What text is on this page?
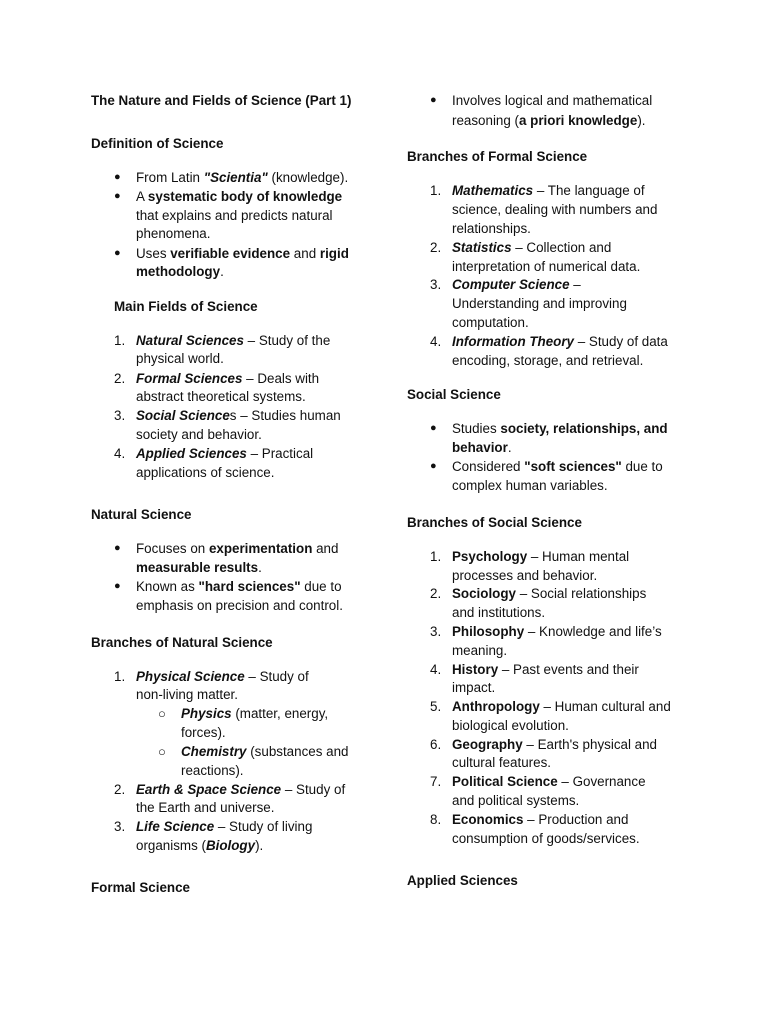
The Nature and Fields of Science (Part 1)
Definition of Science
● From Latin "Scientia" (knowledge).
● A systematic body of knowledge
that explains and predicts natural
phenomena.
● Uses verifiable evidence and rigid
methodology.
Main Fields of Science
1. Natural Sciences – Study of the
physical world.
2. Formal Sciences – Deals with
abstract theoretical systems.
3. Social Sciences – Studies human
society and behavior.
4. Applied Sciences – Practical
applications of science.
Natural Science
● Focuses on experimentation and
measurable results.
● Known as "hard sciences" due to
emphasis on precision and control.
Branches of Natural Science
1. Physical Science – Study of
non-living matter.
○ Physics (matter, energy,
forces).
○ Chemistry (substances and
reactions).
2. Earth & Space Science – Study of
the Earth and universe.
3. Life Science – Study of living
organisms (Biology).
Formal Science
● Involves logical and mathematical
reasoning (a priori knowledge).
Branches of Formal Science
1. Mathematics – The language of
science, dealing with numbers and
relationships.
2. Statistics – Collection and
interpretation of numerical data.
3. Computer Science –
Understanding and improving
computation.
4. Information Theory – Study of data
encoding, storage, and retrieval.
Social Science
● Studies society, relationships, and
behavior.
● Considered "soft sciences" due to
complex human variables.
Branches of Social Science
1. Psychology – Human mental
processes and behavior.
2. Sociology – Social relationships
and institutions.
3. Philosophy – Knowledge and life’s
meaning.
4. History – Past events and their
impact.
5. Anthropology – Human cultural and
biological evolution.
6. Geography – Earth's physical and
cultural features.
7. Political Science – Governance
and political systems.
8. Economics – Production and
consumption of goods/services.
Applied Sciences
